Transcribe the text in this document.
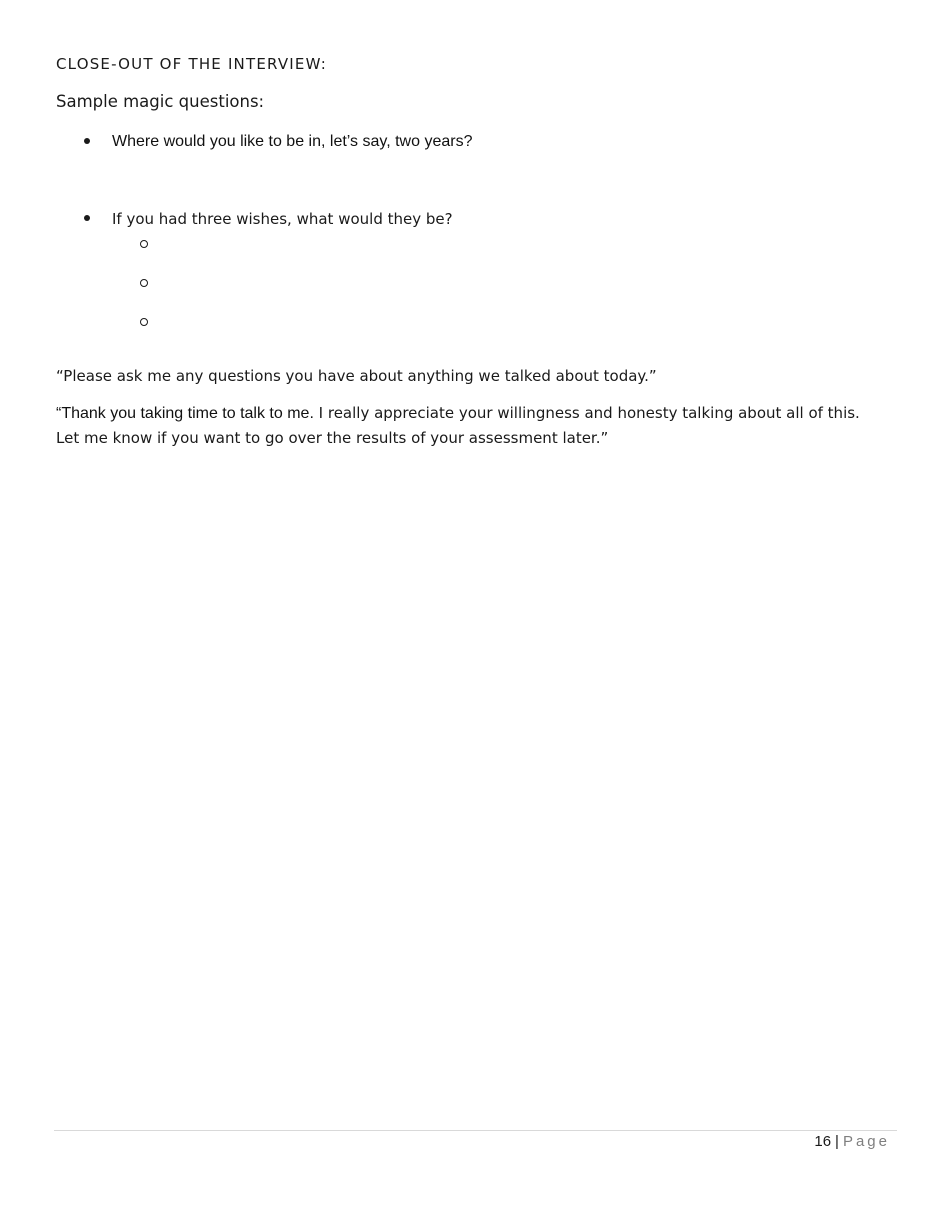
CLOSE-OUT OF THE INTERVIEW:
Sample magic questions:
Where would you like to be in, let’s say, two years?
If you had three wishes, what would they be?
“Please ask me any questions you have about anything we talked about today.”
“Thank you taking time to talk to me. I really appreciate your willingness and honesty talking about all of this.
Let me know if you want to go over the results of your assessment later.”
16 | Page
